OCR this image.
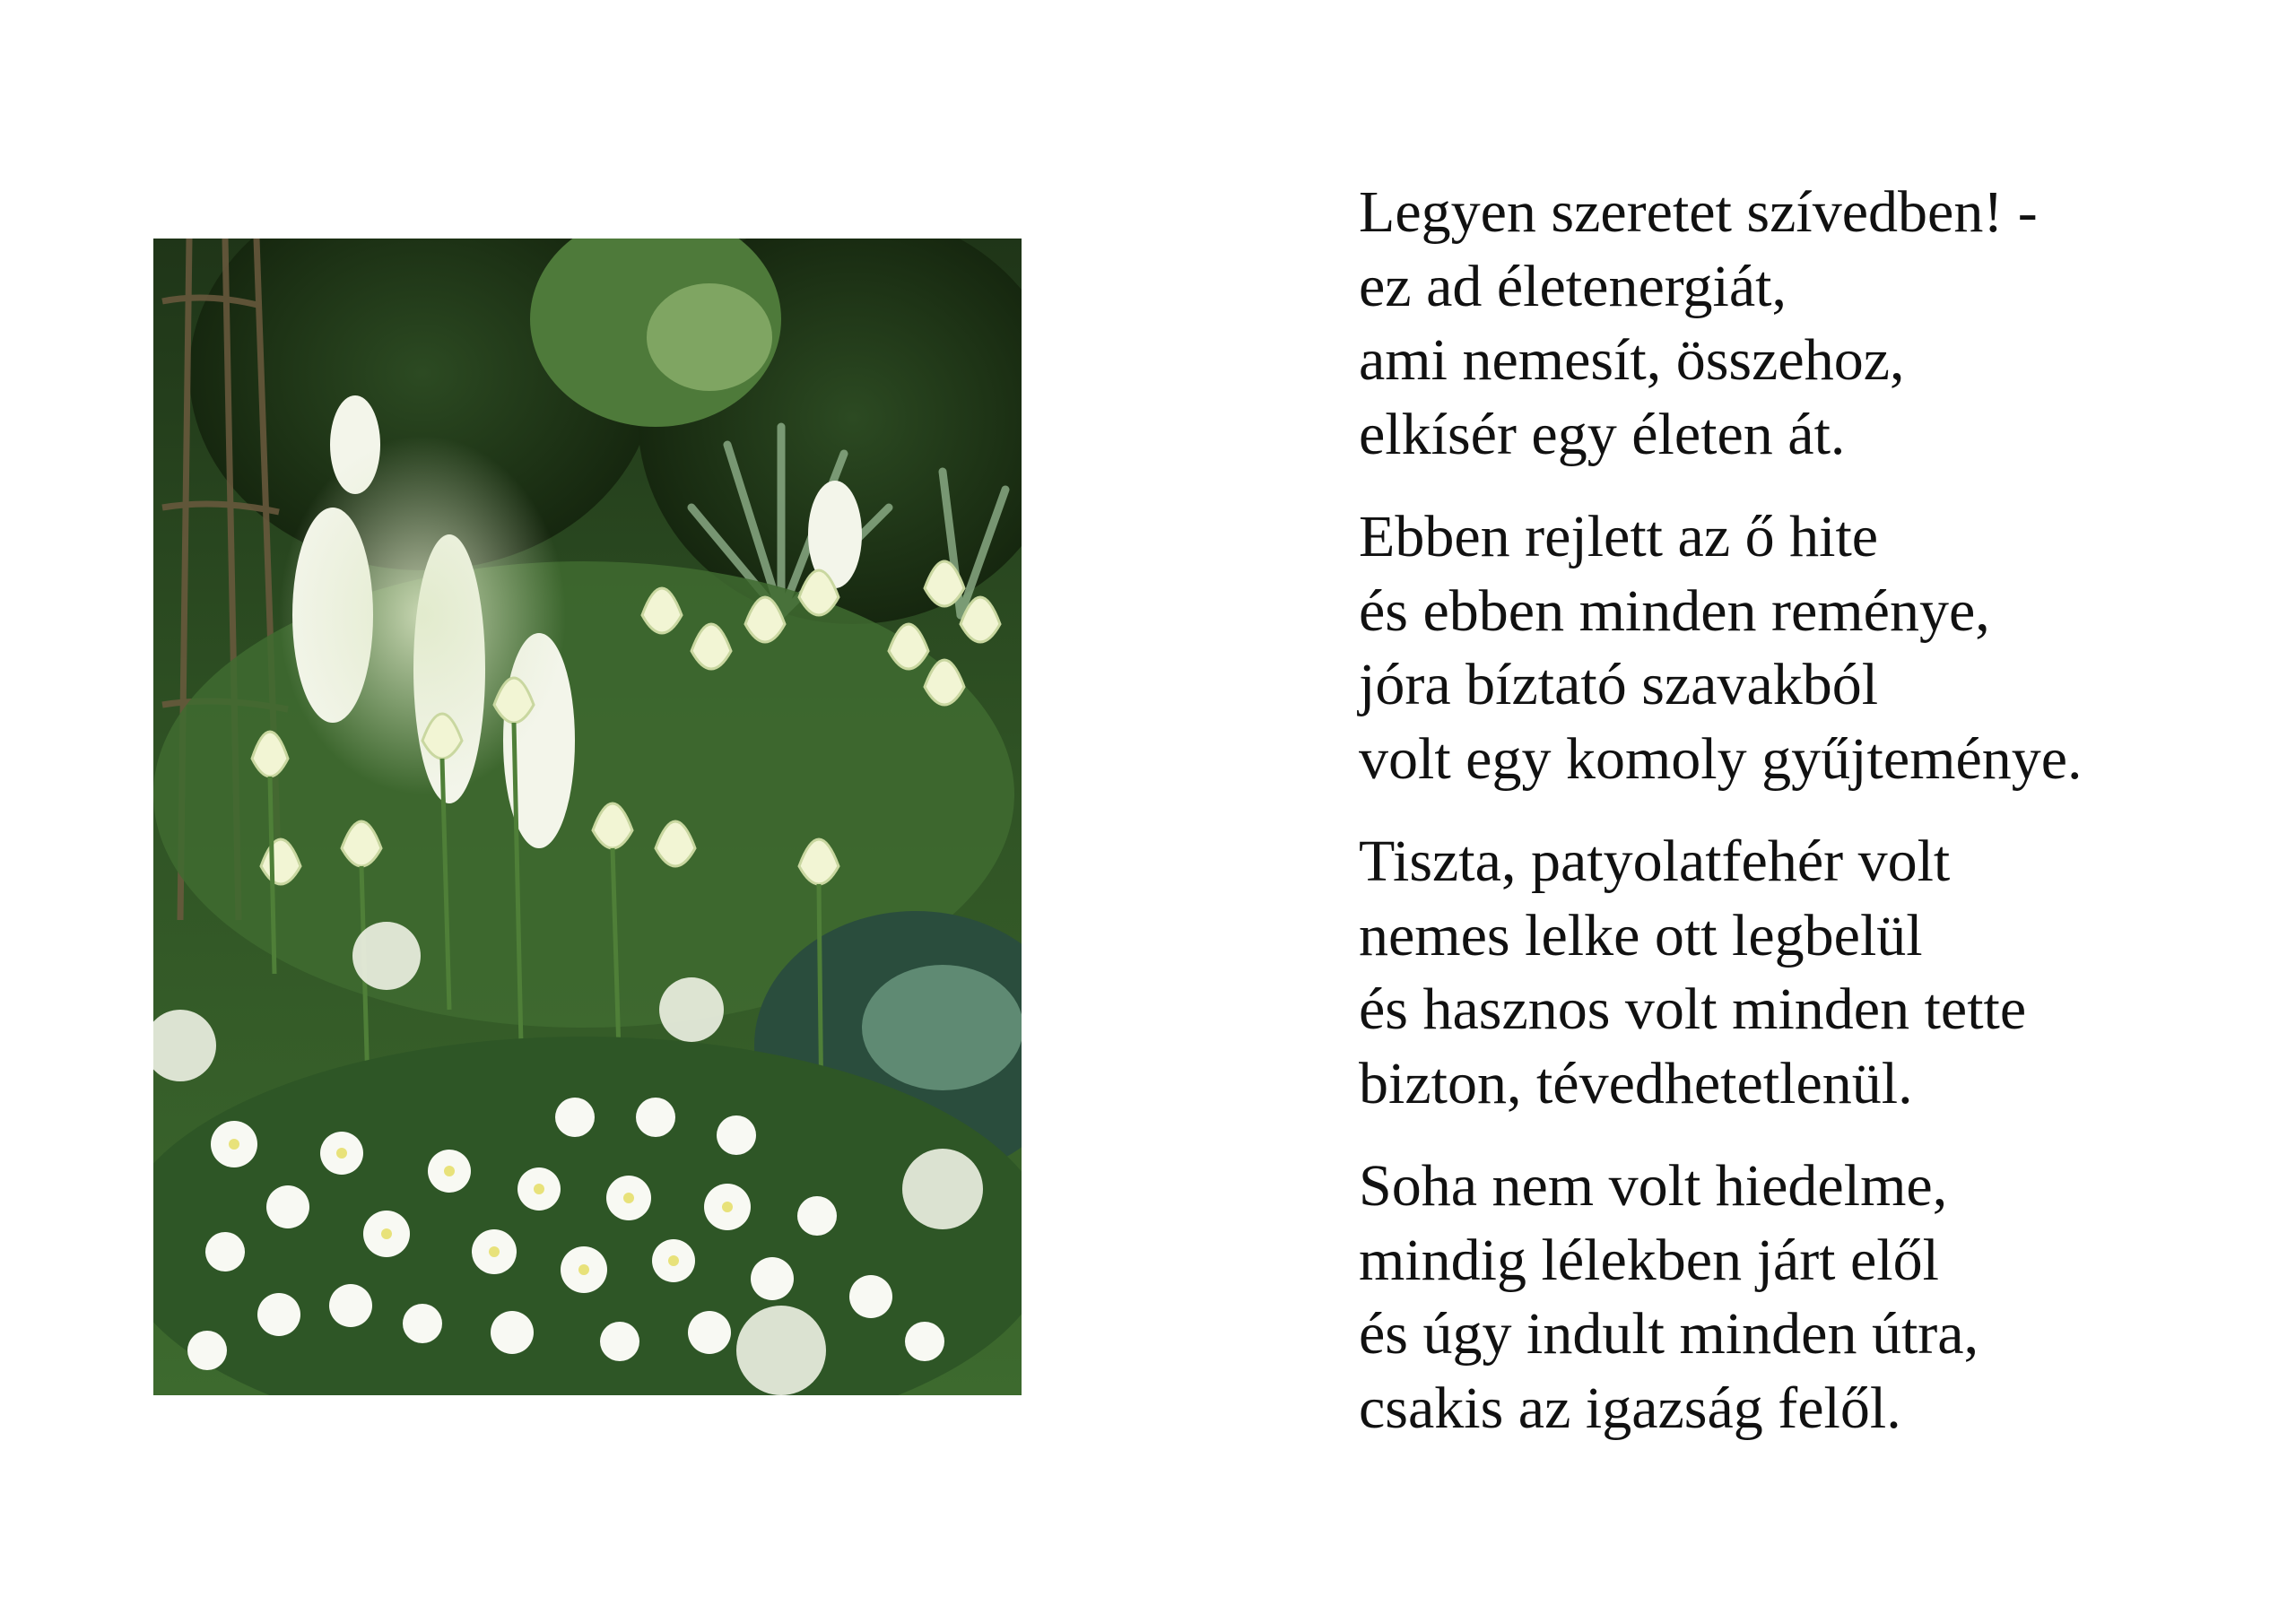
Legyen szeretet szívedben! -
ez ad életenergiát,
ami nemesít, összehoz,
elkísér egy életen át.
Ebben rejlett az ő hite
és ebben minden reménye,
jóra bíztató szavakból
volt egy komoly gyűjteménye.
Tiszta, patyolatfehér volt
nemes lelke ott legbelül
és hasznos volt minden tette
bizton, tévedhetetlenül.
Soha nem volt hiedelme,
mindig lélekben járt elől
és úgy indult minden útra,
csakis az igazság felől.
